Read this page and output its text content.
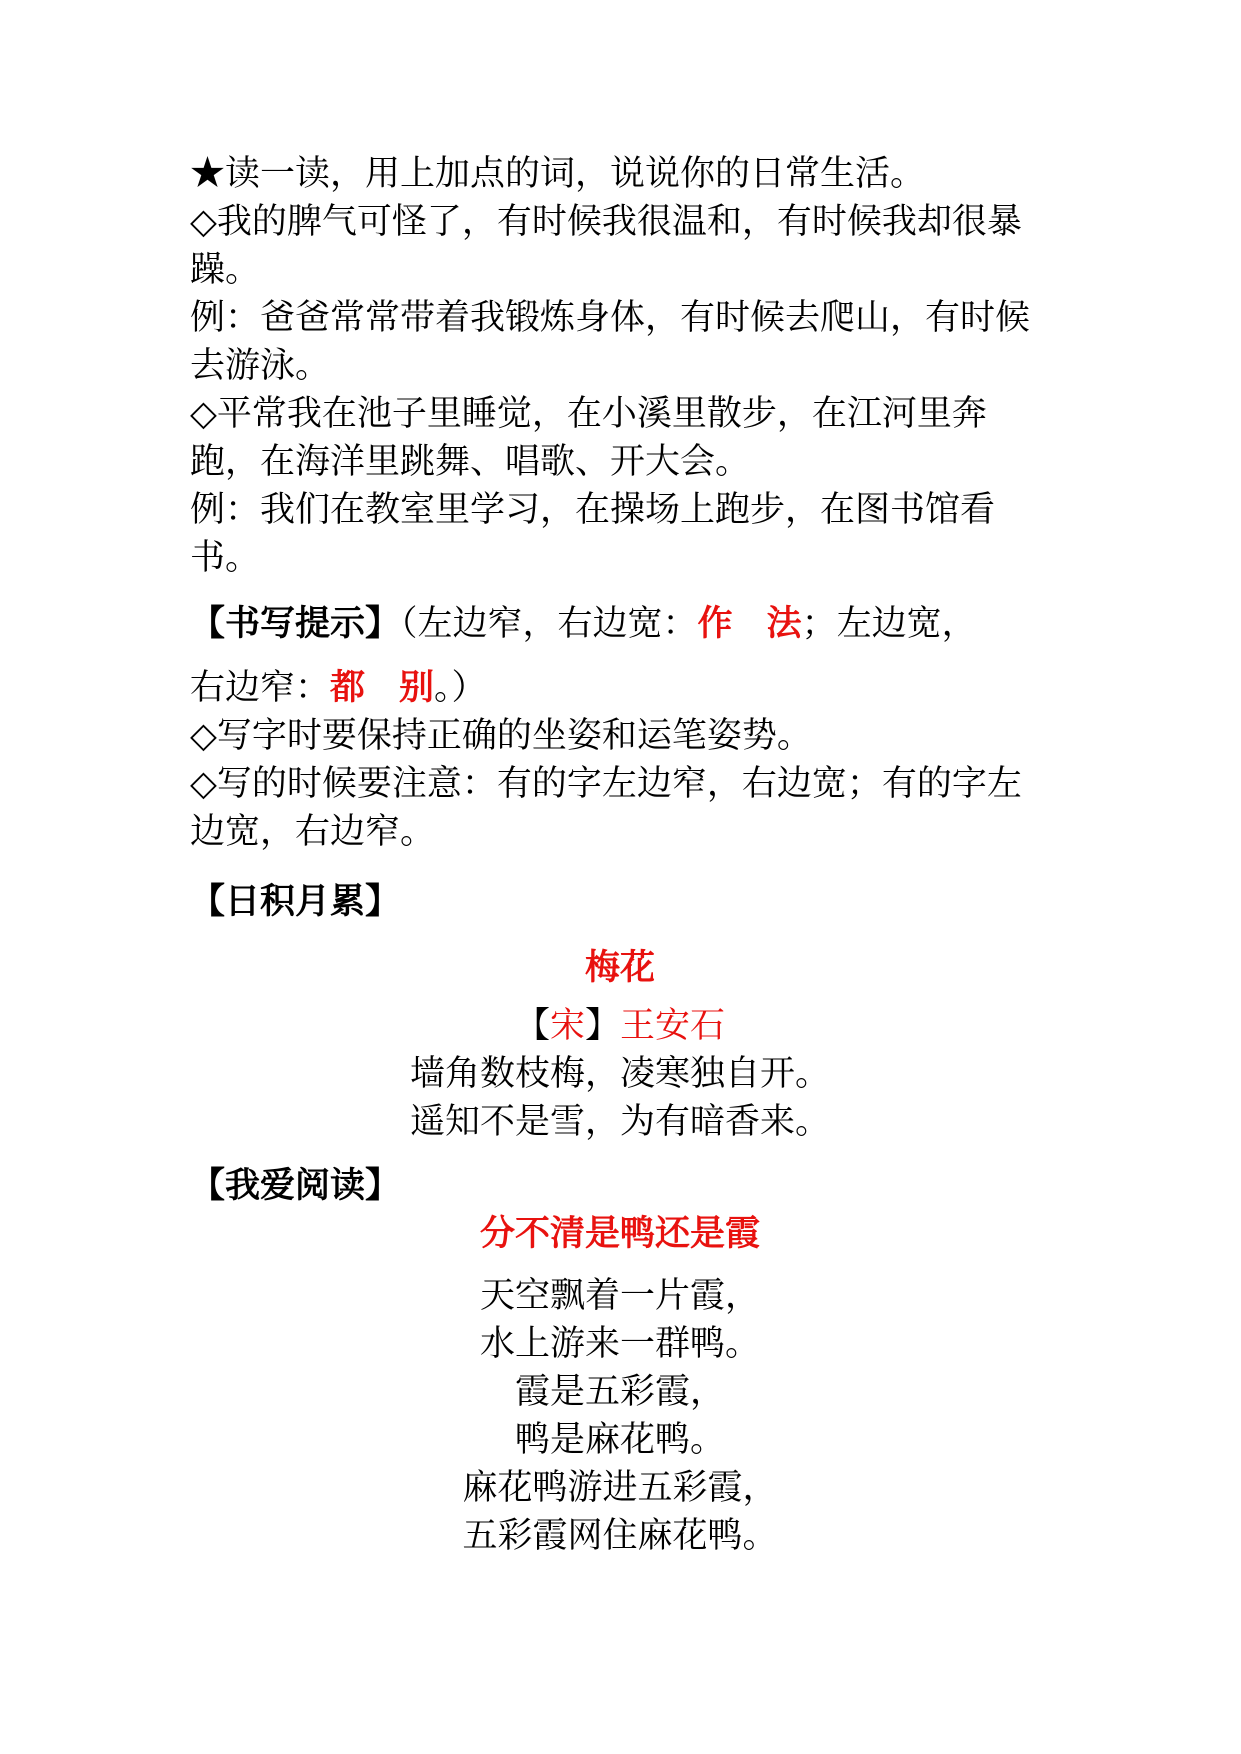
★读一读，用上加点的词，说说你的日常生活。

◇我的脾气可怪了，有时候我很温和，有时候我却很暴躁。

例：爸爸常常带着我锻炼身体，有时候去爬山，有时候去游泳。

◇平常我在池子里睡觉，在小溪里散步，在江河里奔跑，在海洋里跳舞、唱歌、开大会。

例：我们在教室里学习，在操场上跑步，在图书馆看书。

【书写提示】（左边窄，右边宽：作 法；左边宽，

右边窄：都 别。）

◇写字时要保持正确的坐姿和运笔姿势。

◇写的时候要注意：有的字左边窄，右边宽；有的字左边宽，右边窄。

【日积月累】

梅花

【宋】王安石

墙角数枝梅，凌寒独自开。

遥知不是雪，为有暗香来。

【我爱阅读】

分不清是鸭还是霞

天空飘着一片霞，

水上游来一群鸭。

霞是五彩霞，

鸭是麻花鸭。

麻花鸭游进五彩霞，

五彩霞网住麻花鸭。
